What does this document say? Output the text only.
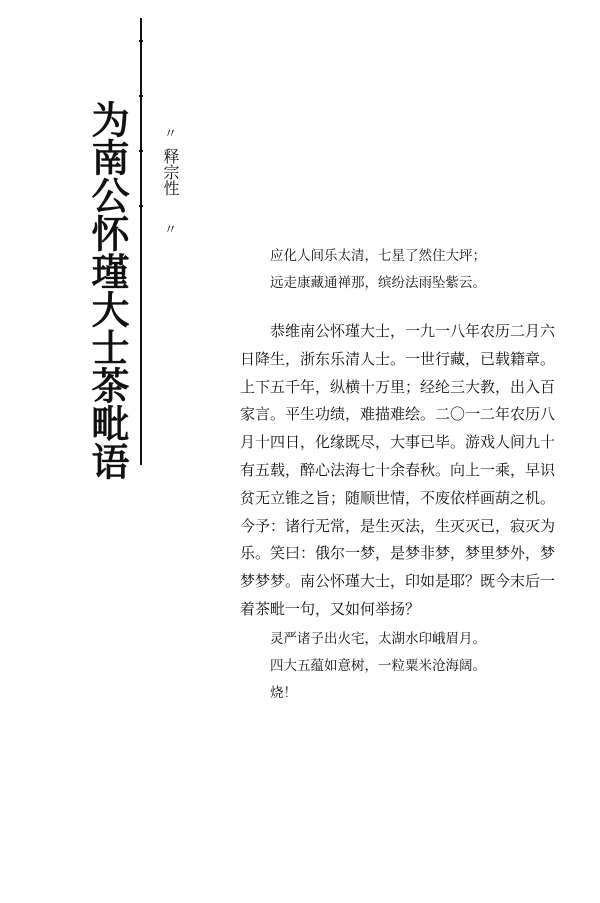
为南公怀瑾大士茶毗语	〃
释宗性
〃
应化人间乐太清，七星了然住大坪；
远走康藏通禅那，缤纷法雨坠紫云。

恭维南公怀瑾大士，一九一八年农历二月六日降生，浙东乐清人士。一世行藏，已载籍章。上下五千年，纵横十万里；经纶三大教，出入百家言。平生功绩，难描难绘。二〇一二年农历八月十四日，化缘既尽，大事已毕。游戏人间九十有五载，醉心法海七十余春秋。向上一乘，早识贫无立锥之旨；随顺世情，不废依样画葫之机。今予：诸行无常，是生灭法，生灭灭已，寂灭为乐。笑曰：俄尔一梦，是梦非梦，梦里梦外，梦梦梦梦。南公怀瑾大士，印如是耶？既今末后一着茶毗一句，又如何举扬？

灵严诸子出火宅，太湖水印峨眉月。
四大五蕴如意树，一粒粟米沧海阔。
烧！
